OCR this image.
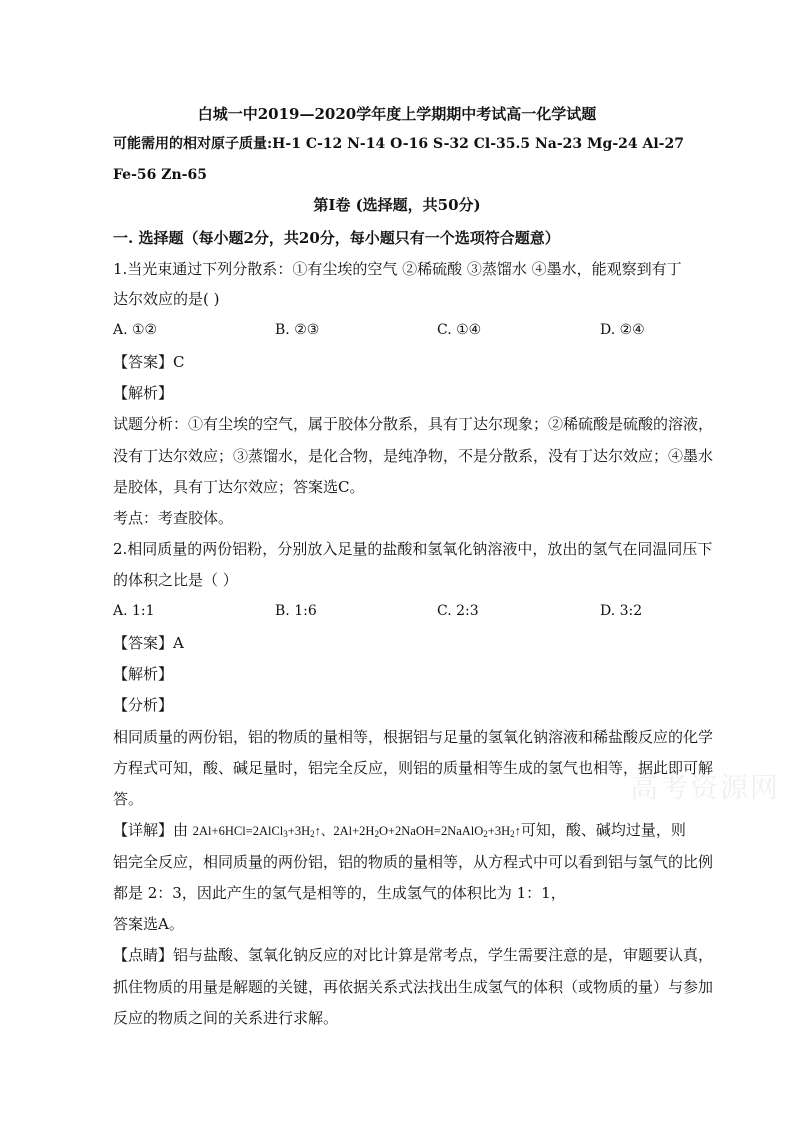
白城一中2019—2020学年度上学期期中考试高一化学试题
可能需用的相对原子质量:H-1 C-12 N-14 O-16 S-32 Cl-35.5 Na-23 Mg-24 Al-27
Fe-56 Zn-65
第Ⅰ卷 (选择题，共50分)
一. 选择题（每小题2分，共20分，每小题只有一个选项符合题意）
1.当光束通过下列分散系：①有尘埃的空气 ②稀硫酸 ③蒸馏水 ④墨水，能观察到有丁
达尔效应的是( )
A. ①②	B. ②③	C. ①④	D. ②④
【答案】C
【解析】
试题分析：①有尘埃的空气，属于胶体分散系，具有丁达尔现象；②稀硫酸是硫酸的溶液，
没有丁达尔效应；③蒸馏水，是化合物，是纯净物，不是分散系，没有丁达尔效应；④墨水
是胶体，具有丁达尔效应；答案选C。
考点：考查胶体。
2.相同质量的两份铝粉，分别放入足量的盐酸和氢氧化钠溶液中，放出的氢气在同温同压下
的体积之比是（ ）
A. 1:1	B. 1:6	C. 2:3	D. 3:2
【答案】A
【解析】
【分析】
相同质量的两份铝，铝的物质的量相等，根据铝与足量的氢氧化钠溶液和稀盐酸反应的化学
方程式可知，酸、碱足量时，铝完全反应，则铝的质量相等生成的氢气也相等，据此即可解
答。
【详解】由 $2Al+6HCl=2AlCl_3+3H_2↑$、$2Al+2H_2O+2NaOH=2NaAlO_2+3H_2↑$可知，酸、碱均过量，则
铝完全反应，相同质量的两份铝，铝的物质的量相等，从方程式中可以看到铝与氢气的比例
都是 2：3，因此产生的氢气是相等的，生成氢气的体积比为 1：1，
答案选A。
【点睛】铝与盐酸、氢氧化钠反应的对比计算是常考点，学生需要注意的是，审题要认真，
抓住物质的用量是解题的关键，再依据关系式法找出生成氢气的体积（或物质的量）与参加
反应的物质之间的关系进行求解。
高考资源网
